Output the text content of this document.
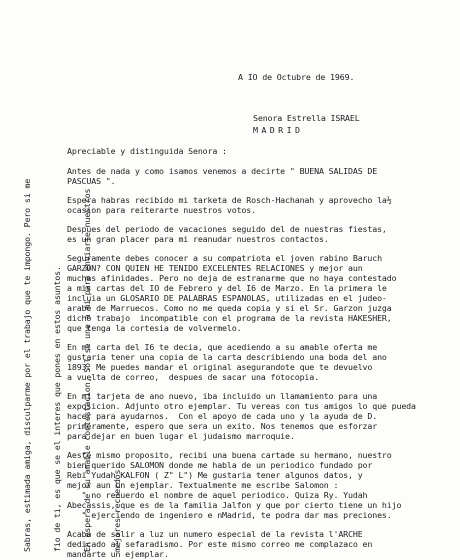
A IO de Octubre de 1969.
Senora Estrella ISRAEL
MADRID
Apreciable y distinguida Senora :
Antes de nada y como isamos venemos a decirte " BUENA SALIDAS DE
PASCUAS ".
Espera habras recibido mi tarketa de Rosch-Hachanah y aprovecho la½
ocasion para reiterarte nuestros votos.
Despues del periodo de vacaciones seguido del de nuestras fiestas,
es un gran placer para mi reanudar nuestros contactos.
Seguramente debes conocer a su compatriota el joven rabino Baruch
GARZON? CON QUIEN HE TENIDO EXCELENTES RELACIONES y mejor aun
muchas afinidades. Pero no deja de estranarme que no haya contestado
a mis cartas del IO de Febrero y del I6 de Marzo. En la primera le
incluia un GLOSARIO DE PALABRAS ESPANOLAS, utilizadas en el judeo-
arabe de Marruecos. Como no me queda copia y si el Sr. Garzon juzga
dicho trabajo  incompatible con el programa de la revista HAKESHER,
que tenga la cortesia de volvermelo.
En mi carta del I6 te decia, que acediendo a su amable oferta me
gustaria tener una copia de la carta describiendo una boda del ano
1893. Me puedes mandar el original asegurandote que te devuelvo
a vuelta de correo,  despues de sacar una fotocopia.
En mi tarjeta de ano nuevo, iba incluido un llamamiento para una
exposicion. Adjunto otro ejemplar. Tu vereas con tus amigos lo que pueda
hacer para ayudarnos.  Con el apoyo de cada uno y la ayuda de D.
primeramente, espero que sera un exito. Nos tenemos que esforzar
para dejar en buen lugar el judaismo marroquie.
Aeste mismo proposito, recibi una buena cartade su hermano, nuestro
bien querido SALOMON donde me habla de un periodico fundado por
Rebi Yudah KALFON ( Z" L") Me gustaria tener algunos datos, y
mejor aun un ejemplar. Textualmente me escribe Salomon :
" no recuerdo el nombre de aquel periodico. Quiza Ry. Yudah
Abecassis, que es de la familia Jalfon y que por cierto tiene un hijo
" ejerciendo de ingeniero e nMadrid, te podra dar mas preciones.
Acaba de salir a luz un numero especial de la revista l'ARCHE
dedicado al sefaradismo. Por este mismo correo me complazaco en
mandarte un ejemplar.

Sabras, estimada amiga, disculparme por el trabajo que te impongo. Pero si me

fio de ti, es que se el interes que pones en estos asuntos.

En espera de su amable contestacion, Sol se une a mi para enviarte nuestros

mejores recuerdos.
